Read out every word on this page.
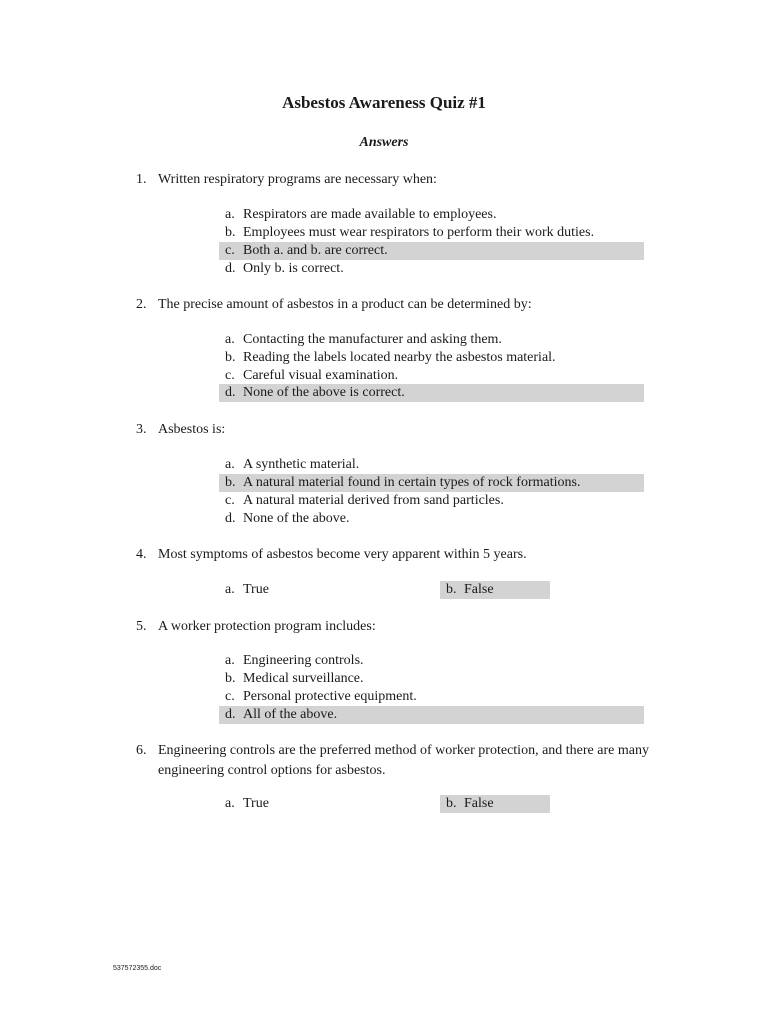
Asbestos Awareness Quiz #1
Answers
1. Written respiratory programs are necessary when:
a. Respirators are made available to employees.
b. Employees must wear respirators to perform their work duties.
c. Both a. and b. are correct.
d. Only b. is correct.
2. The precise amount of asbestos in a product can be determined by:
a. Contacting the manufacturer and asking them.
b. Reading the labels located nearby the asbestos material.
c. Careful visual examination.
d. None of the above is correct.
3. Asbestos is:
a. A synthetic material.
b. A natural material found in certain types of rock formations.
c. A natural material derived from sand particles.
d. None of the above.
4. Most symptoms of asbestos become very apparent within 5 years.
a. True	b. False
5. A worker protection program includes:
a. Engineering controls.
b. Medical surveillance.
c. Personal protective equipment.
d. All of the above.
6. Engineering controls are the preferred method of worker protection, and there are many engineering control options for asbestos.
a. True	b. False
537572355.doc
